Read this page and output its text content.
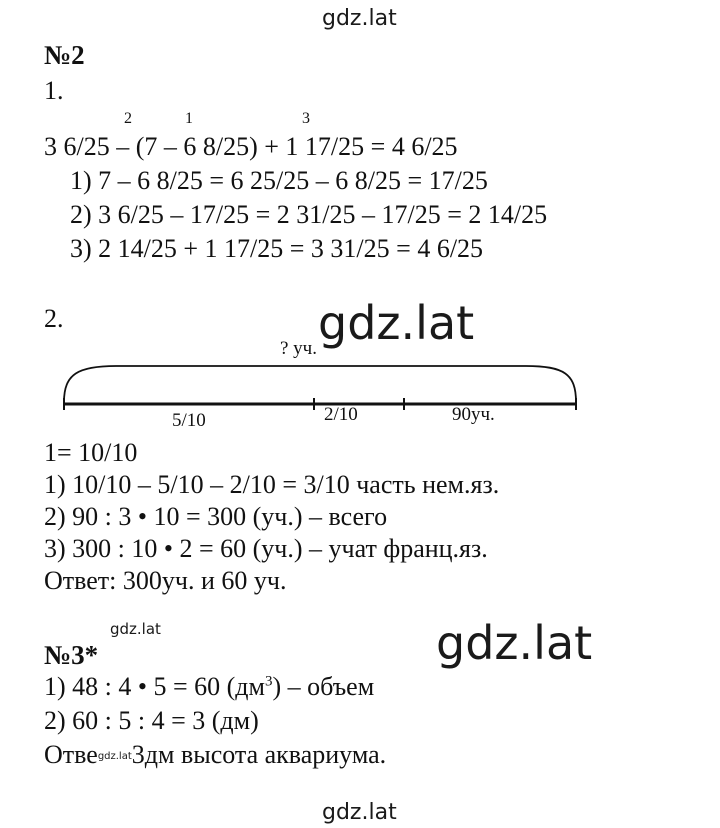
gdz.lat
№2
1.
2	1	3
3 6/25 – (7 – 6 8/25) + 1 17/25 = 4 6/25
1) 7 – 6 8/25 = 6 25/25 – 6 8/25 = 17/25
2) 3 6/25 – 17/25 = 2 31/25 – 17/25 = 2 14/25
3) 2 14/25 + 1 17/25 = 3 31/25 = 4 6/25
2.	gdz.lat
? уч.
5/10	2/10	90уч.
1= 10/10
1) 10/10 – 5/10 – 2/10 = 3/10 часть нем.яз.
2) 90 : 3 • 10 = 300 (уч.) – всего
3) 300 : 10 • 2 = 60 (уч.) – учат франц.яз.
Ответ: 300уч. и 60 уч.
gdz.lat	gdz.lat
№3*
1) 48 : 4 • 5 = 60 $(дм^3)$ – объем
2) 60 : 5 : 4 = 3 (дм)
Отвеgdz.lat3дм высота аквариума.
gdz.lat
